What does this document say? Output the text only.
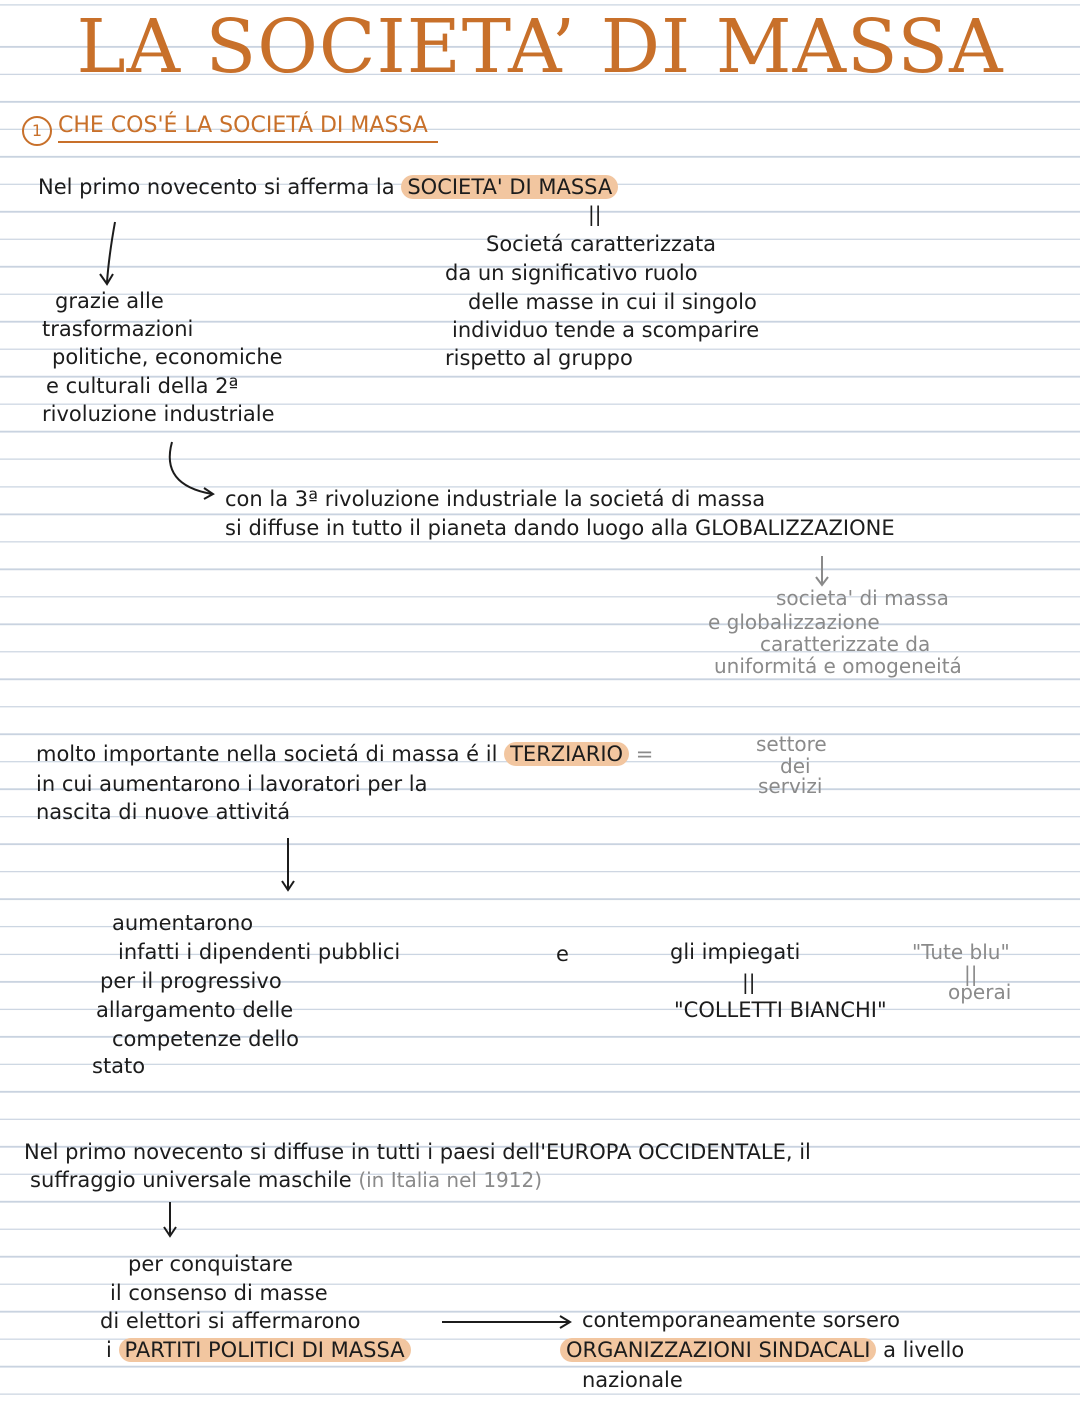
LA SOCIETA’ DI MASSA
1 CHE COS'É LA SOCIETÁ DI MASSA
Nel primo novecento si afferma la SOCIETA' DI MASSA
||
Societá caratterizzata
da un significativo ruolo
delle masse in cui il singolo
individuo tende a scomparire
rispetto al gruppo
grazie alle
trasformazioni
politiche, economiche
e culturali della 2ª
rivoluzione industriale
con la 3ª rivoluzione industriale la societá di massa
si diffuse in tutto il pianeta dando luogo alla GLOBALIZZAZIONE
societa' di massa
e globalizzazione
caratterizzate da
uniformitá e omogeneitá
molto importante nella societá di massa é il TERZIARIO =
in cui aumentarono i lavoratori per la
nascita di nuove attivitá
settore
dei
servizi
aumentarono
infatti i dipendenti pubblici
per il progressivo
allargamento delle
competenze dello
stato
e	gli impiegati
||
"COLLETTI BIANCHI"
"Tute blu"
||
operai
Nel primo novecento si diffuse in tutti i paesi dell'EUROPA OCCIDENTALE, il
suffraggio universale maschile (in Italia nel 1912)
per conquistare
il consenso di masse
di elettori si affermarono
i PARTITI POLITICI DI MASSA
contemporaneamente sorsero
ORGANIZZAZIONI SINDACALI a livello
nazionale
